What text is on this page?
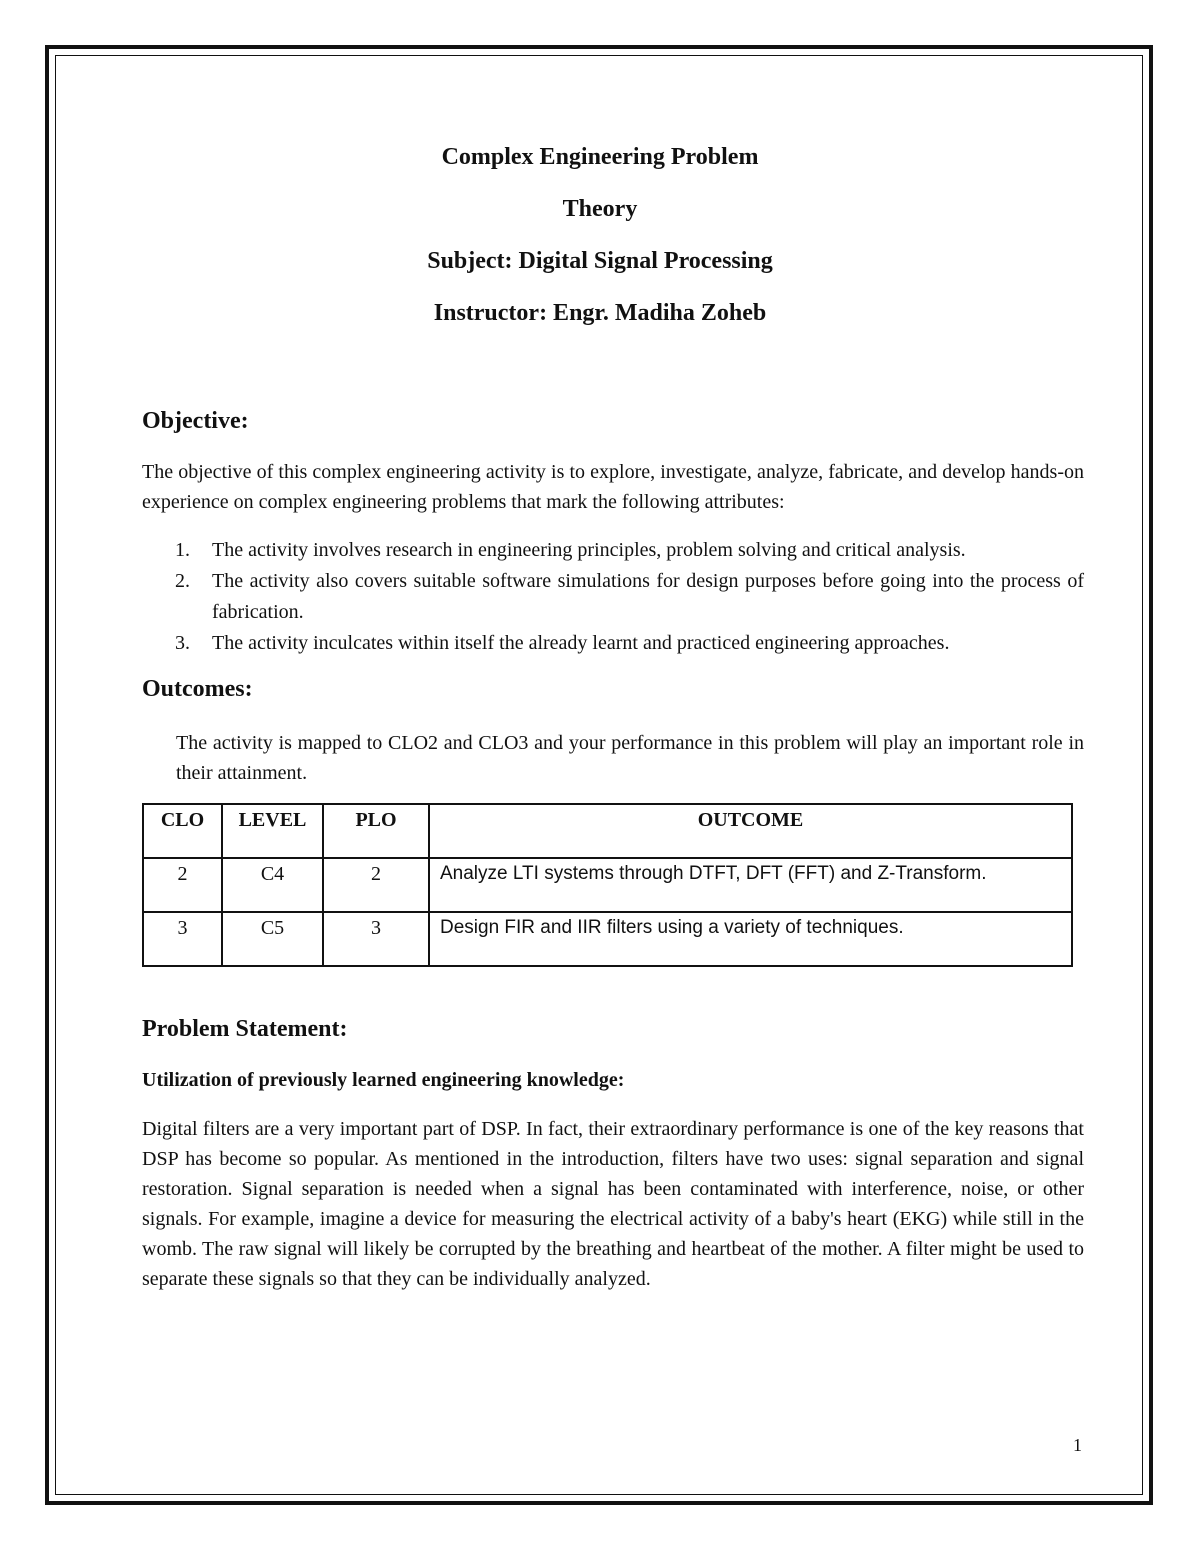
Complex Engineering Problem

Theory

Subject: Digital Signal Processing

Instructor: Engr. Madiha Zoheb

Objective:

The objective of this complex engineering activity is to explore, investigate, analyze, fabricate, and develop hands-on experience on complex engineering problems that mark the following attributes:

1. The activity involves research in engineering principles, problem solving and critical analysis.
2. The activity also covers suitable software simulations for design purposes before going into the process of fabrication.
3. The activity inculcates within itself the already learnt and practiced engineering approaches.

Outcomes:

The activity is mapped to CLO2 and CLO3 and your performance in this problem will play an important role in their attainment.

CLO	LEVEL	PLO	OUTCOME
2	C4	2	Analyze LTI systems through DTFT, DFT (FFT) and Z-Transform.
3	C5	3	Design FIR and IIR filters using a variety of techniques.

Problem Statement:

Utilization of previously learned engineering knowledge:

Digital filters are a very important part of DSP. In fact, their extraordinary performance is one of the key reasons that DSP has become so popular. As mentioned in the introduction, filters have two uses: signal separation and signal restoration. Signal separation is needed when a signal has been contaminated with interference, noise, or other signals. For example, imagine a device for measuring the electrical activity of a baby's heart (EKG) while still in the womb. The raw signal will likely be corrupted by the breathing and heartbeat of the mother. A filter might be used to separate these signals so that they can be individually analyzed.

1
